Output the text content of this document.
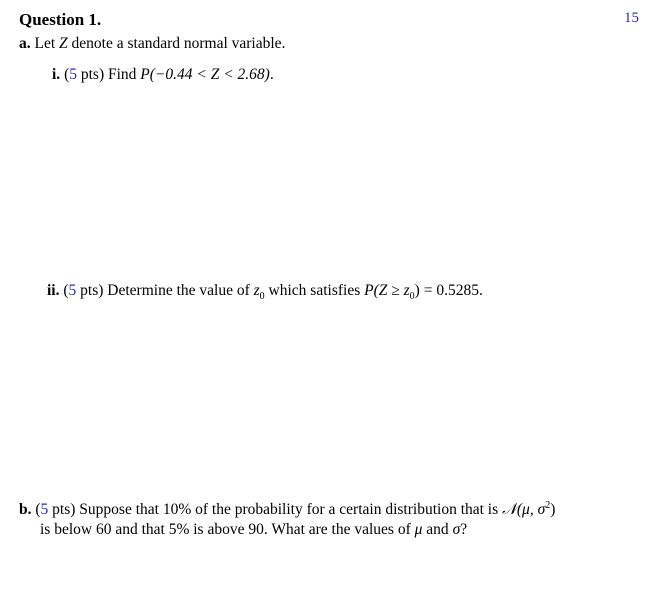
15
Question 1.
a. Let Z denote a standard normal variable.
i. (5 pts) Find P(−0.44 < Z < 2.68).
ii. (5 pts) Determine the value of $z_0$ which satisfies $P(Z \ge z_0) = 0.5285$.
b. (5 pts) Suppose that 10% of the probability for a certain distribution that is 𝒩(μ, $\sigma^2$)
is below 60 and that 5% is above 90. What are the values of μ and σ?
